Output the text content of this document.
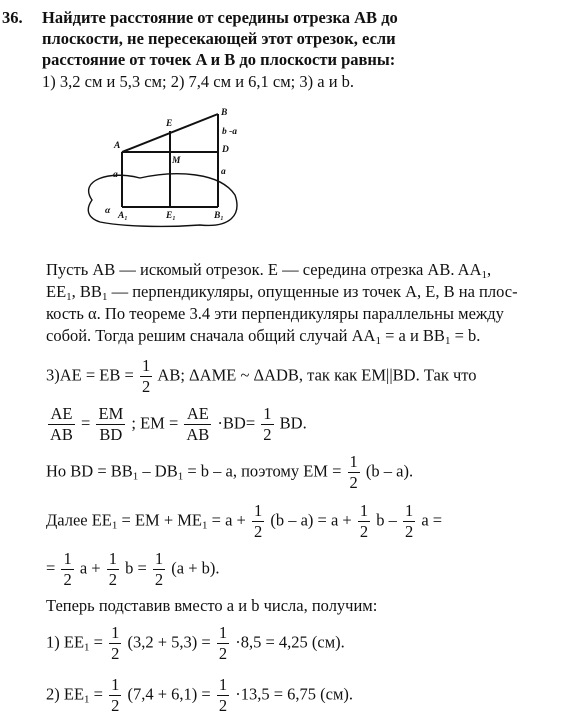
36. Найдите расстояние от середины отрезка AB до
плоскости, не пересекающей этот отрезок, если
расстояние от точек A и B до плоскости равны:
1) 3,2 см и 5,3 см; 2) 7,4 см и 6,1 см; 3) a и b.
A
E
B
b -a
D
M
a	a
α A₁	E₁	B₁
Пусть AB — искомый отрезок. E — середина отрезка AB. $AA_1$,
$EE_1$, $BB_1$ — перпендикуляры, опущенные из точек A, E, B на плос-
кость α. По теореме 3.4 эти перпендикуляры параллельны между
собой. Тогда решим сначала общий случай $AA_1 = a$ и $BB_1 = b$.
3)AE = EB = $\frac{1}{2}$ AB; ΔAME ~ ΔADB, так как EM||BD. Так что
$\frac{AE}{AB} = \frac{EM}{BD}$ ; EM = $\frac{AE}{AB} \cdot BD= \frac{1}{2}$ BD.
Но BD = $BB_1 - DB_1 = b - a$, поэтому EM = $\frac{1}{2} (b - a)$.
Далее $EE_1$ = EM + $ME_1 = a + \frac{1}{2} (b - a) = a + \frac{1}{2}$ b – $\frac{1}{2}$ a =
= $\frac{1}{2}$ $a + \frac{1}{2}$ $b = \frac{1}{2} (a + b)$.
Теперь подставив вместо a и b числа, получим:
1) $EE_1 = \frac{1}{2} (3,2 + 5,3) = \frac{1}{2} \cdot 8,5 = 4,25$ (см).
2) $EE_1 = \frac{1}{2} (7,4 + 6,1) = \frac{1}{2} \cdot 13,5 = 6,75$ (см).
